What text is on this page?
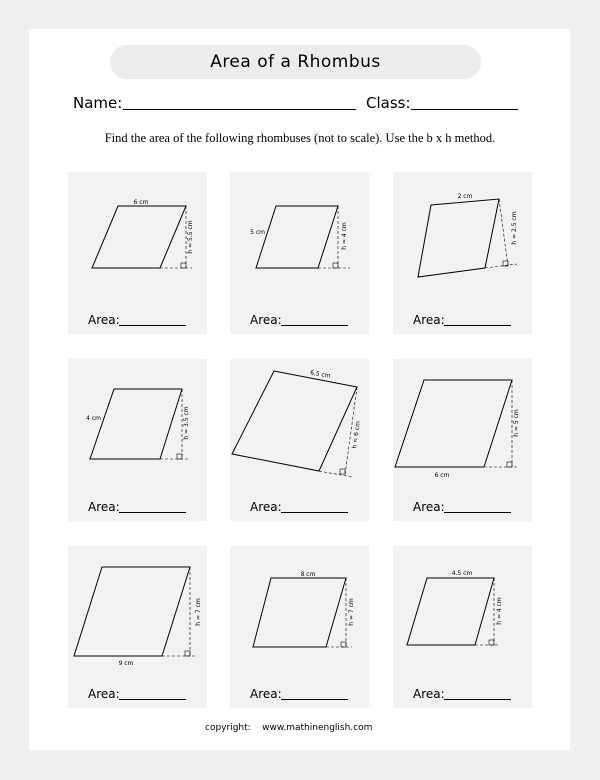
Area of a Rhombus
Name:	Class:
Find the area of the following rhombuses (not to scale). Use the b x h method.
6 cm
h = 5.5 cm
Area:
5 cm	h = 4 cm
Area:
2 cm
h = 2.5 cm
Area:
4 cm	h = 3.5 cm
Area:
6.5 cm
h = 6 cm
Area:
6 cm
h = 5 cm
Area:
9 cm
h = 7 cm
Area:
8 cm
h = 7 cm
Area:
4.5 cm
h = 4 cm
Area:
copyright:    www.mathinenglish.com
